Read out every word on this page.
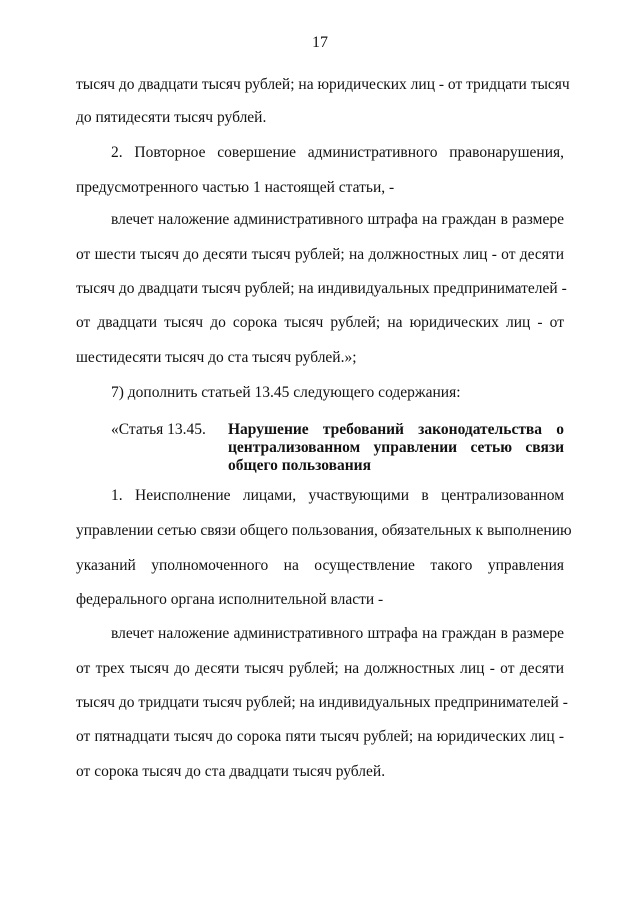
17
тысяч до двадцати тысяч рублей; на юридических лиц - от тридцати тысяч
до пятидесяти тысяч рублей.
2. Повторное совершение административного правонарушения,
предусмотренного частью 1 настоящей статьи, -
влечет наложение административного штрафа на граждан в размере
от шести тысяч до десяти тысяч рублей; на должностных лиц - от десяти
тысяч до двадцати тысяч рублей; на индивидуальных предпринимателей -
от двадцати тысяч до сорока тысяч рублей; на юридических лиц - от
шестидесяти тысяч до ста тысяч рублей.»;
7) дополнить статьей 13.45 следующего содержания:
«Статья 13.45. Нарушение требований законодательства о
централизованном управлении сетью связи
общего пользования
1. Неисполнение лицами, участвующими в централизованном
управлении сетью связи общего пользования, обязательных к выполнению
указаний уполномоченного на осуществление такого управления
федерального органа исполнительной власти -
влечет наложение административного штрафа на граждан в размере
от трех тысяч до десяти тысяч рублей; на должностных лиц - от десяти
тысяч до тридцати тысяч рублей; на индивидуальных предпринимателей -
от пятнадцати тысяч до сорока пяти тысяч рублей; на юридических лиц -
от сорока тысяч до ста двадцати тысяч рублей.
